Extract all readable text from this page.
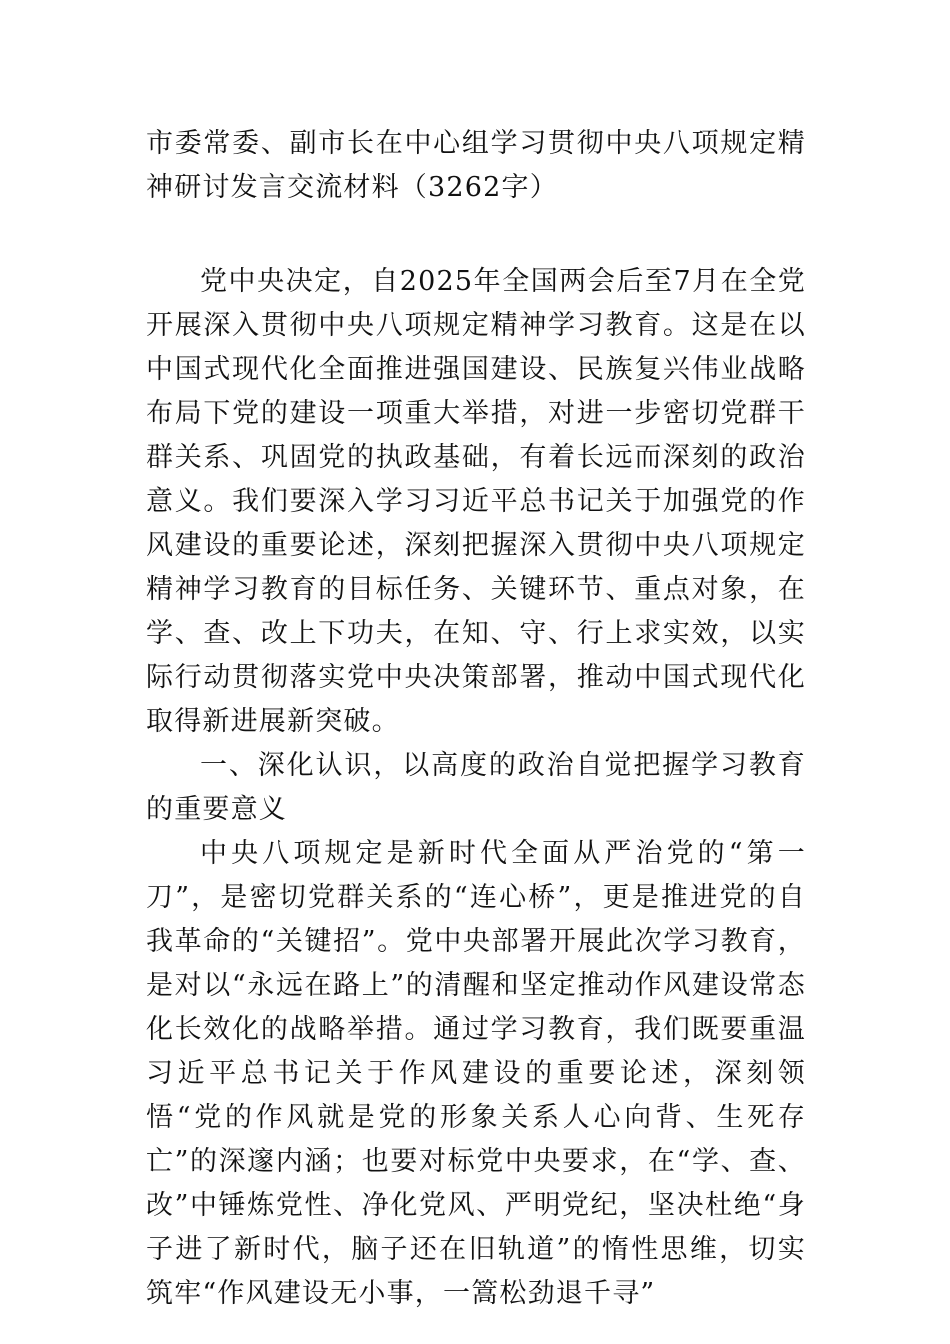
市委常委、副市长在中心组学习贯彻中央八项规定精神研讨发言交流材料（3262字）

党中央决定，自2025年全国两会后至7月在全党开展深入贯彻中央八项规定精神学习教育。这是在以中国式现代化全面推进强国建设、民族复兴伟业战略布局下党的建设一项重大举措，对进一步密切党群干群关系、巩固党的执政基础，有着长远而深刻的政治意义。我们要深入学习习近平总书记关于加强党的作风建设的重要论述，深刻把握深入贯彻中央八项规定精神学习教育的目标任务、关键环节、重点对象，在学、查、改上下功夫，在知、守、行上求实效，以实际行动贯彻落实党中央决策部署，推动中国式现代化取得新进展新突破。

一、深化认识，以高度的政治自觉把握学习教育的重要意义

中央八项规定是新时代全面从严治党的“第一刀”，是密切党群关系的“连心桥”，更是推进党的自我革命的“关键招”。党中央部署开展此次学习教育，是对以“永远在路上”的清醒和坚定推动作风建设常态化长效化的战略举措。通过学习教育，我们既要重温习近平总书记关于作风建设的重要论述，深刻领悟“党的作风就是党的形象关系人心向背、生死存亡”的深邃内涵；也要对标党中央要求，在“学、查、改”中锤炼党性、净化党风、严明党纪，坚决杜绝“身子进了新时代，脑子还在旧轨道”的惰性思维，切实筑牢“作风建设无小事，一篙松劲退千寻”
